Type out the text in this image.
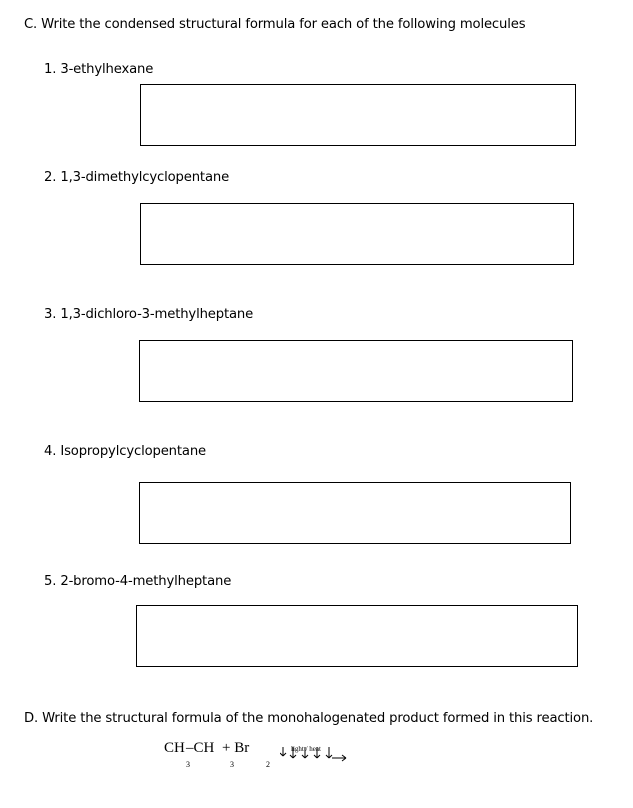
C. Write the condensed structural formula for each of the following molecules
1. 3-ethylhexane
2. 1,3-dimethylcyclopentane
3. 1,3-dichloro-3-methylheptane
4. Isopropylcyclopentane
5. 2-bromo-4-methylheptane
D. Write the structural formula of the monohalogenated product formed in this reaction.
CH –CH + Br
3	3	2
light / heat
